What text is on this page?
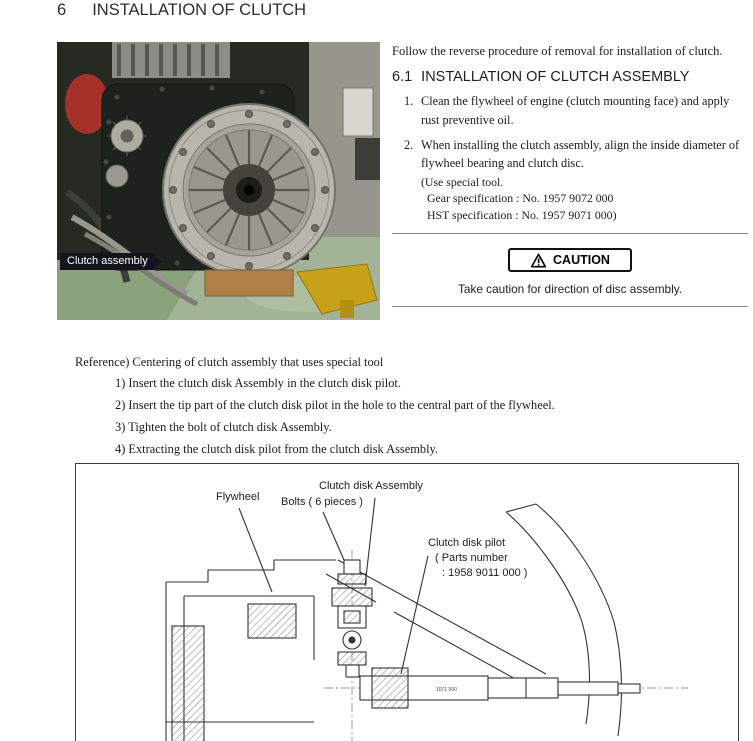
6 INSTALLATION OF CLUTCH
Clutch assembly

Follow the reverse procedure of removal for installation of clutch.

6.1 INSTALLATION OF CLUTCH ASSEMBLY
1. Clean the flywheel of engine (clutch mounting face) and apply rust preventive oil.
2. When installing the clutch assembly, align the inside diameter of flywheel bearing and clutch disc.

(Use special tool.

Gear specification : No. 1957 9072 000

HST specification : No. 1957 9071 000)

CAUTION

Take caution for direction of disc assembly.

Reference) Centering of clutch assembly that uses special tool

1) Insert the clutch disk Assembly in the clutch disk pilot.

2) Insert the tip part of the clutch disk pilot in the hole to the central part of the flywheel.

3) Tighten the bolt of clutch disk Assembly.

4) Extracting the clutch disk pilot from the clutch disk Assembly.

1071 000
Flywheel
Clutch disk Assembly
Bolts ( 6 pieces )
Clutch disk pilot
( Parts number
: 1958 9011 000 )
